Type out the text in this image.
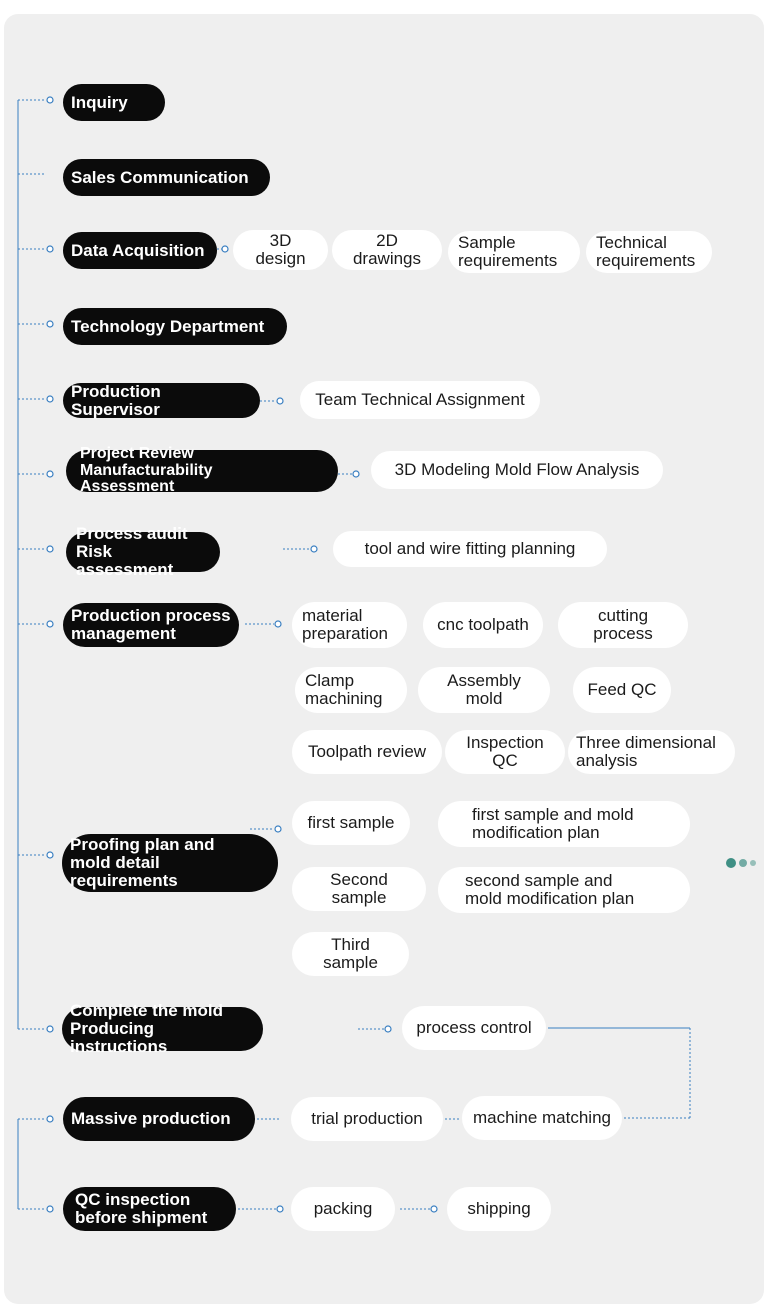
Inquiry
Sales Communication
Data Acquisition
Technology Department
Production Supervisor
Project Review Manufacturability
Assessment
Process audit
Risk assessment
Production process
management
Proofing plan and
mold detail requirements
Complete the mold
Producing instructions
Massive production
QC inspection
before shipment
3D design
2D drawings
Sample
requirements
Technical
requirements
Team Technical Assignment
3D Modeling Mold Flow Analysis
tool and wire fitting planning
material
preparation	cnc toolpath	cutting process
Clamp
machining
Assembly mold	Feed QC
Toolpath review	Inspection QC
Three dimensional
analysis
first sample	first sample and mold
modification plan
Second sample
second sample and
mold modification plan
Third sample
process control
trial production	machine matching
packing	shipping
